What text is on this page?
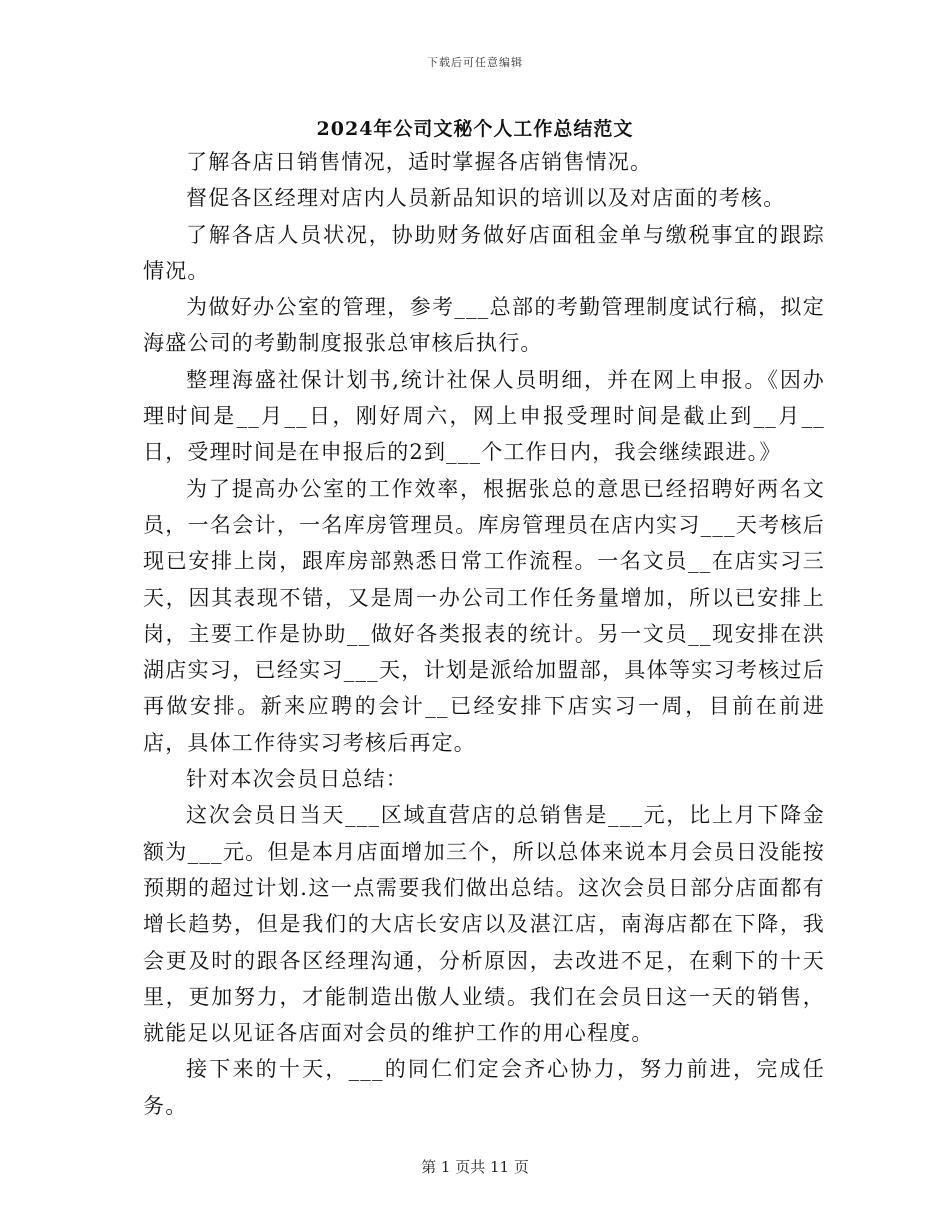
下载后可任意编辑
2024年公司文秘个人工作总结范文

了解各店日销售情况，适时掌握各店销售情况。

督促各区经理对店内人员新品知识的培训以及对店面的考核。

了解各店人员状况，协助财务做好店面租金单与缴税事宜的跟踪情况。

为做好办公室的管理，参考___总部的考勤管理制度试行稿，拟定海盛公司的考勤制度报张总审核后执行。

整理海盛社保计划书,统计社保人员明细，并在网上申报。《因办理时间是__月__日，刚好周六，网上申报受理时间是截止到__月__日，受理时间是在申报后的2到___个工作日内，我会继续跟进。》

为了提高办公室的工作效率，根据张总的意思已经招聘好两名文员，一名会计，一名库房管理员。库房管理员在店内实习___天考核后现已安排上岗，跟库房部熟悉日常工作流程。一名文员__在店实习三天，因其表现不错，又是周一办公司工作任务量增加，所以已安排上岗，主要工作是协助__做好各类报表的统计。另一文员__现安排在洪湖店实习，已经实习___天，计划是派给加盟部，具体等实习考核过后再做安排。新来应聘的会计__已经安排下店实习一周，目前在前进店，具体工作待实习考核后再定。

针对本次会员日总结：

这次会员日当天___区域直营店的总销售是___元，比上月下降金额为___元。但是本月店面增加三个，所以总体来说本月会员日没能按预期的超过计划.这一点需要我们做出总结。这次会员日部分店面都有增长趋势，但是我们的大店长安店以及湛江店，南海店都在下降，我会更及时的跟各区经理沟通，分析原因，去改进不足，在剩下的十天里，更加努力，才能制造出傲人业绩。我们在会员日这一天的销售，就能足以见证各店面对会员的维护工作的用心程度。

接下来的十天，___的同仁们定会齐心协力，努力前进，完成任务。

第 1 页共 11 页
